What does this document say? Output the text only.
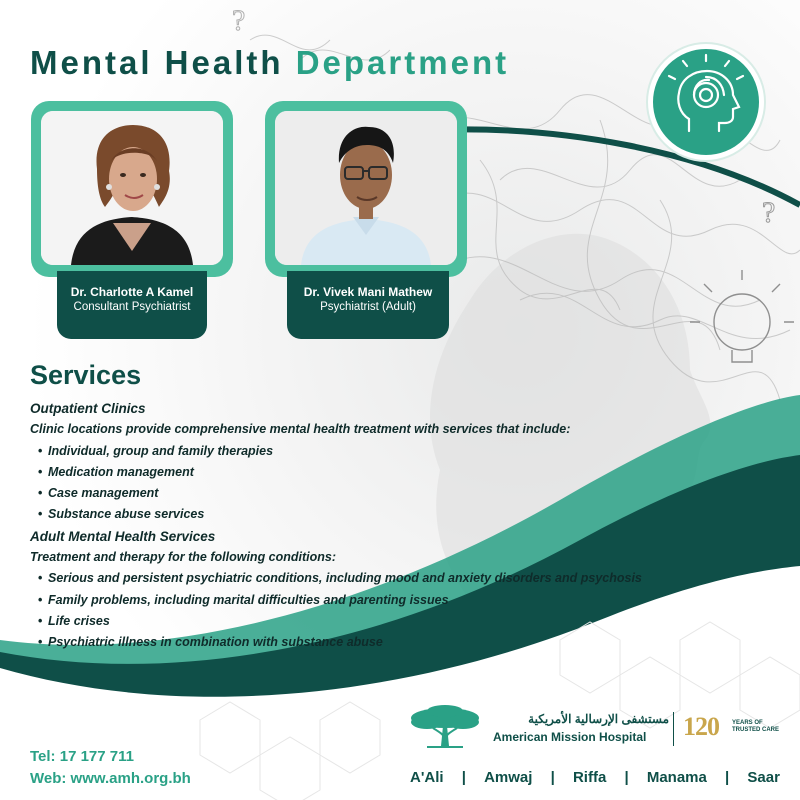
?
?
Mental Health Department
Dr. Charlotte A Kamel
Consultant Psychiatrist
Dr. Vivek Mani Mathew
Psychiatrist (Adult)
Services
Outpatient Clinics
Clinic locations provide comprehensive mental health treatment with services that include:
• Individual, group and family therapies
• Medication management
• Case management
• Substance abuse services
Adult Mental Health Services
Treatment and therapy for the following conditions:
• Serious and persistent psychiatric conditions, including mood and anxiety disorders and psychosis
• Family problems, including marital difficulties and parenting issues
• Life crises
• Psychiatric illness in combination with substance abuse
Tel: 17 177 711
Web: www.amh.org.bh
مستشفى الإرسالية الأمريكية
American Mission Hospital 120 YEARS OF
TRUSTED CARE
A'Ali | Amwaj | Riffa | Manama | Saar
